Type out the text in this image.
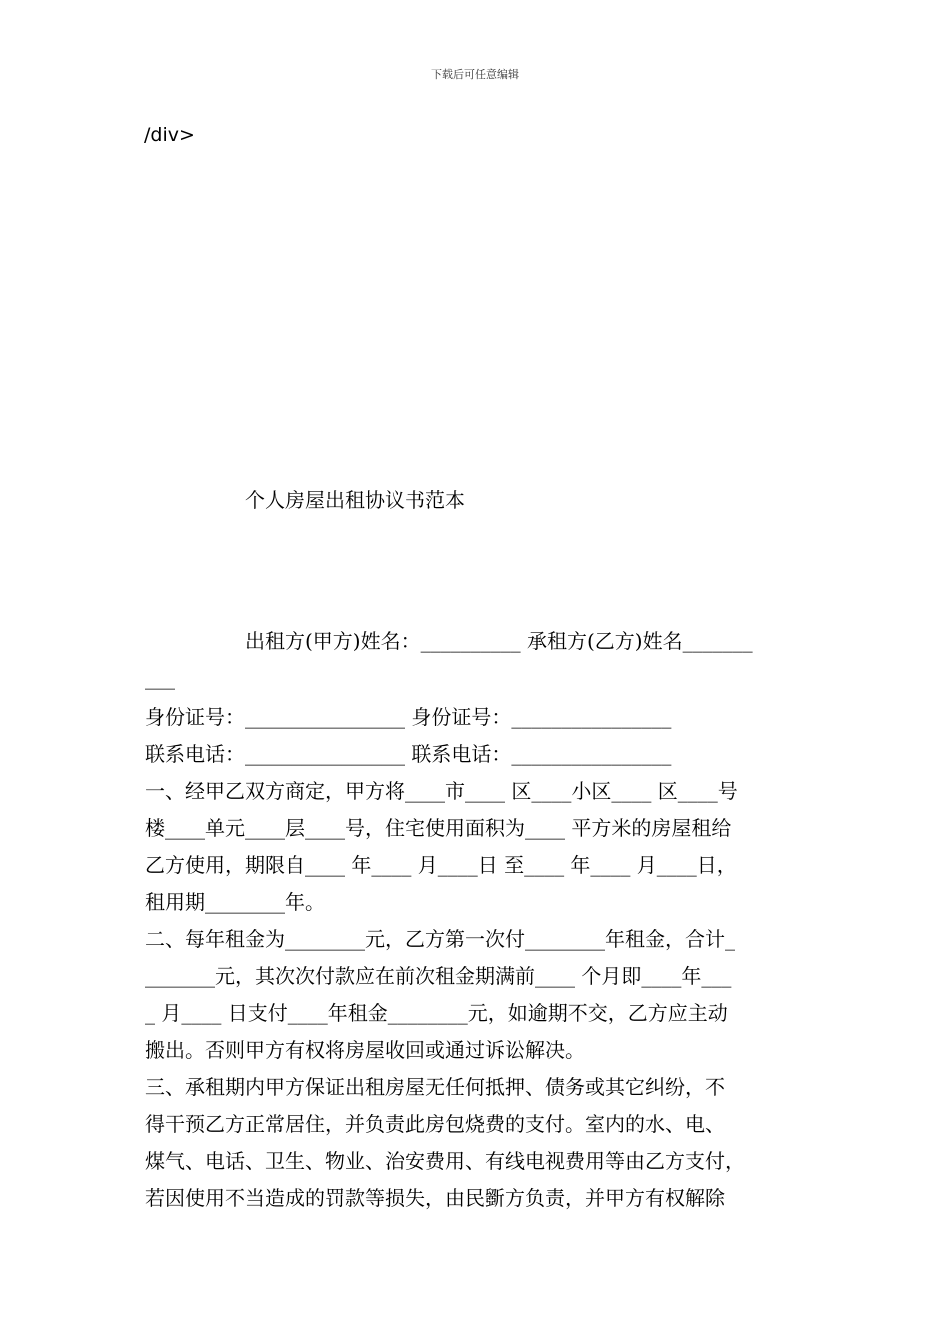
下载后可任意编辑
/div>
个人房屋出租协议书范本
出租方(甲方)姓名：__________ 承租方(乙方)姓名_______
___
身份证号：________________ 身份证号：________________
联系电话：________________ 联系电话：________________
一、经甲乙双方商定，甲方将____市____ 区____小区____ 区____号
楼____单元____层____号，住宅使用面积为____ 平方米的房屋租给
乙方使用，期限自____ 年____ 月____日 至____ 年____ 月____日，
租用期________年。
二、每年租金为________元，乙方第一次付________年租金，合计_
_______元，其次次付款应在前次租金期满前____ 个月即____年___
_ 月____ 日支付____年租金________元，如逾期不交，乙方应主动
搬出。否则甲方有权将房屋收回或通过诉讼解决。
三、承租期内甲方保证出租房屋无任何抵押、债务或其它纠纷，不
得干预乙方正常居住，并负责此房包烧费的支付。室内的水、电、
煤气、电话、卫生、物业、治安费用、有线电视费用等由乙方支付，
若因使用不当造成的罚款等损失，由民斵方负责，并甲方有权解除
